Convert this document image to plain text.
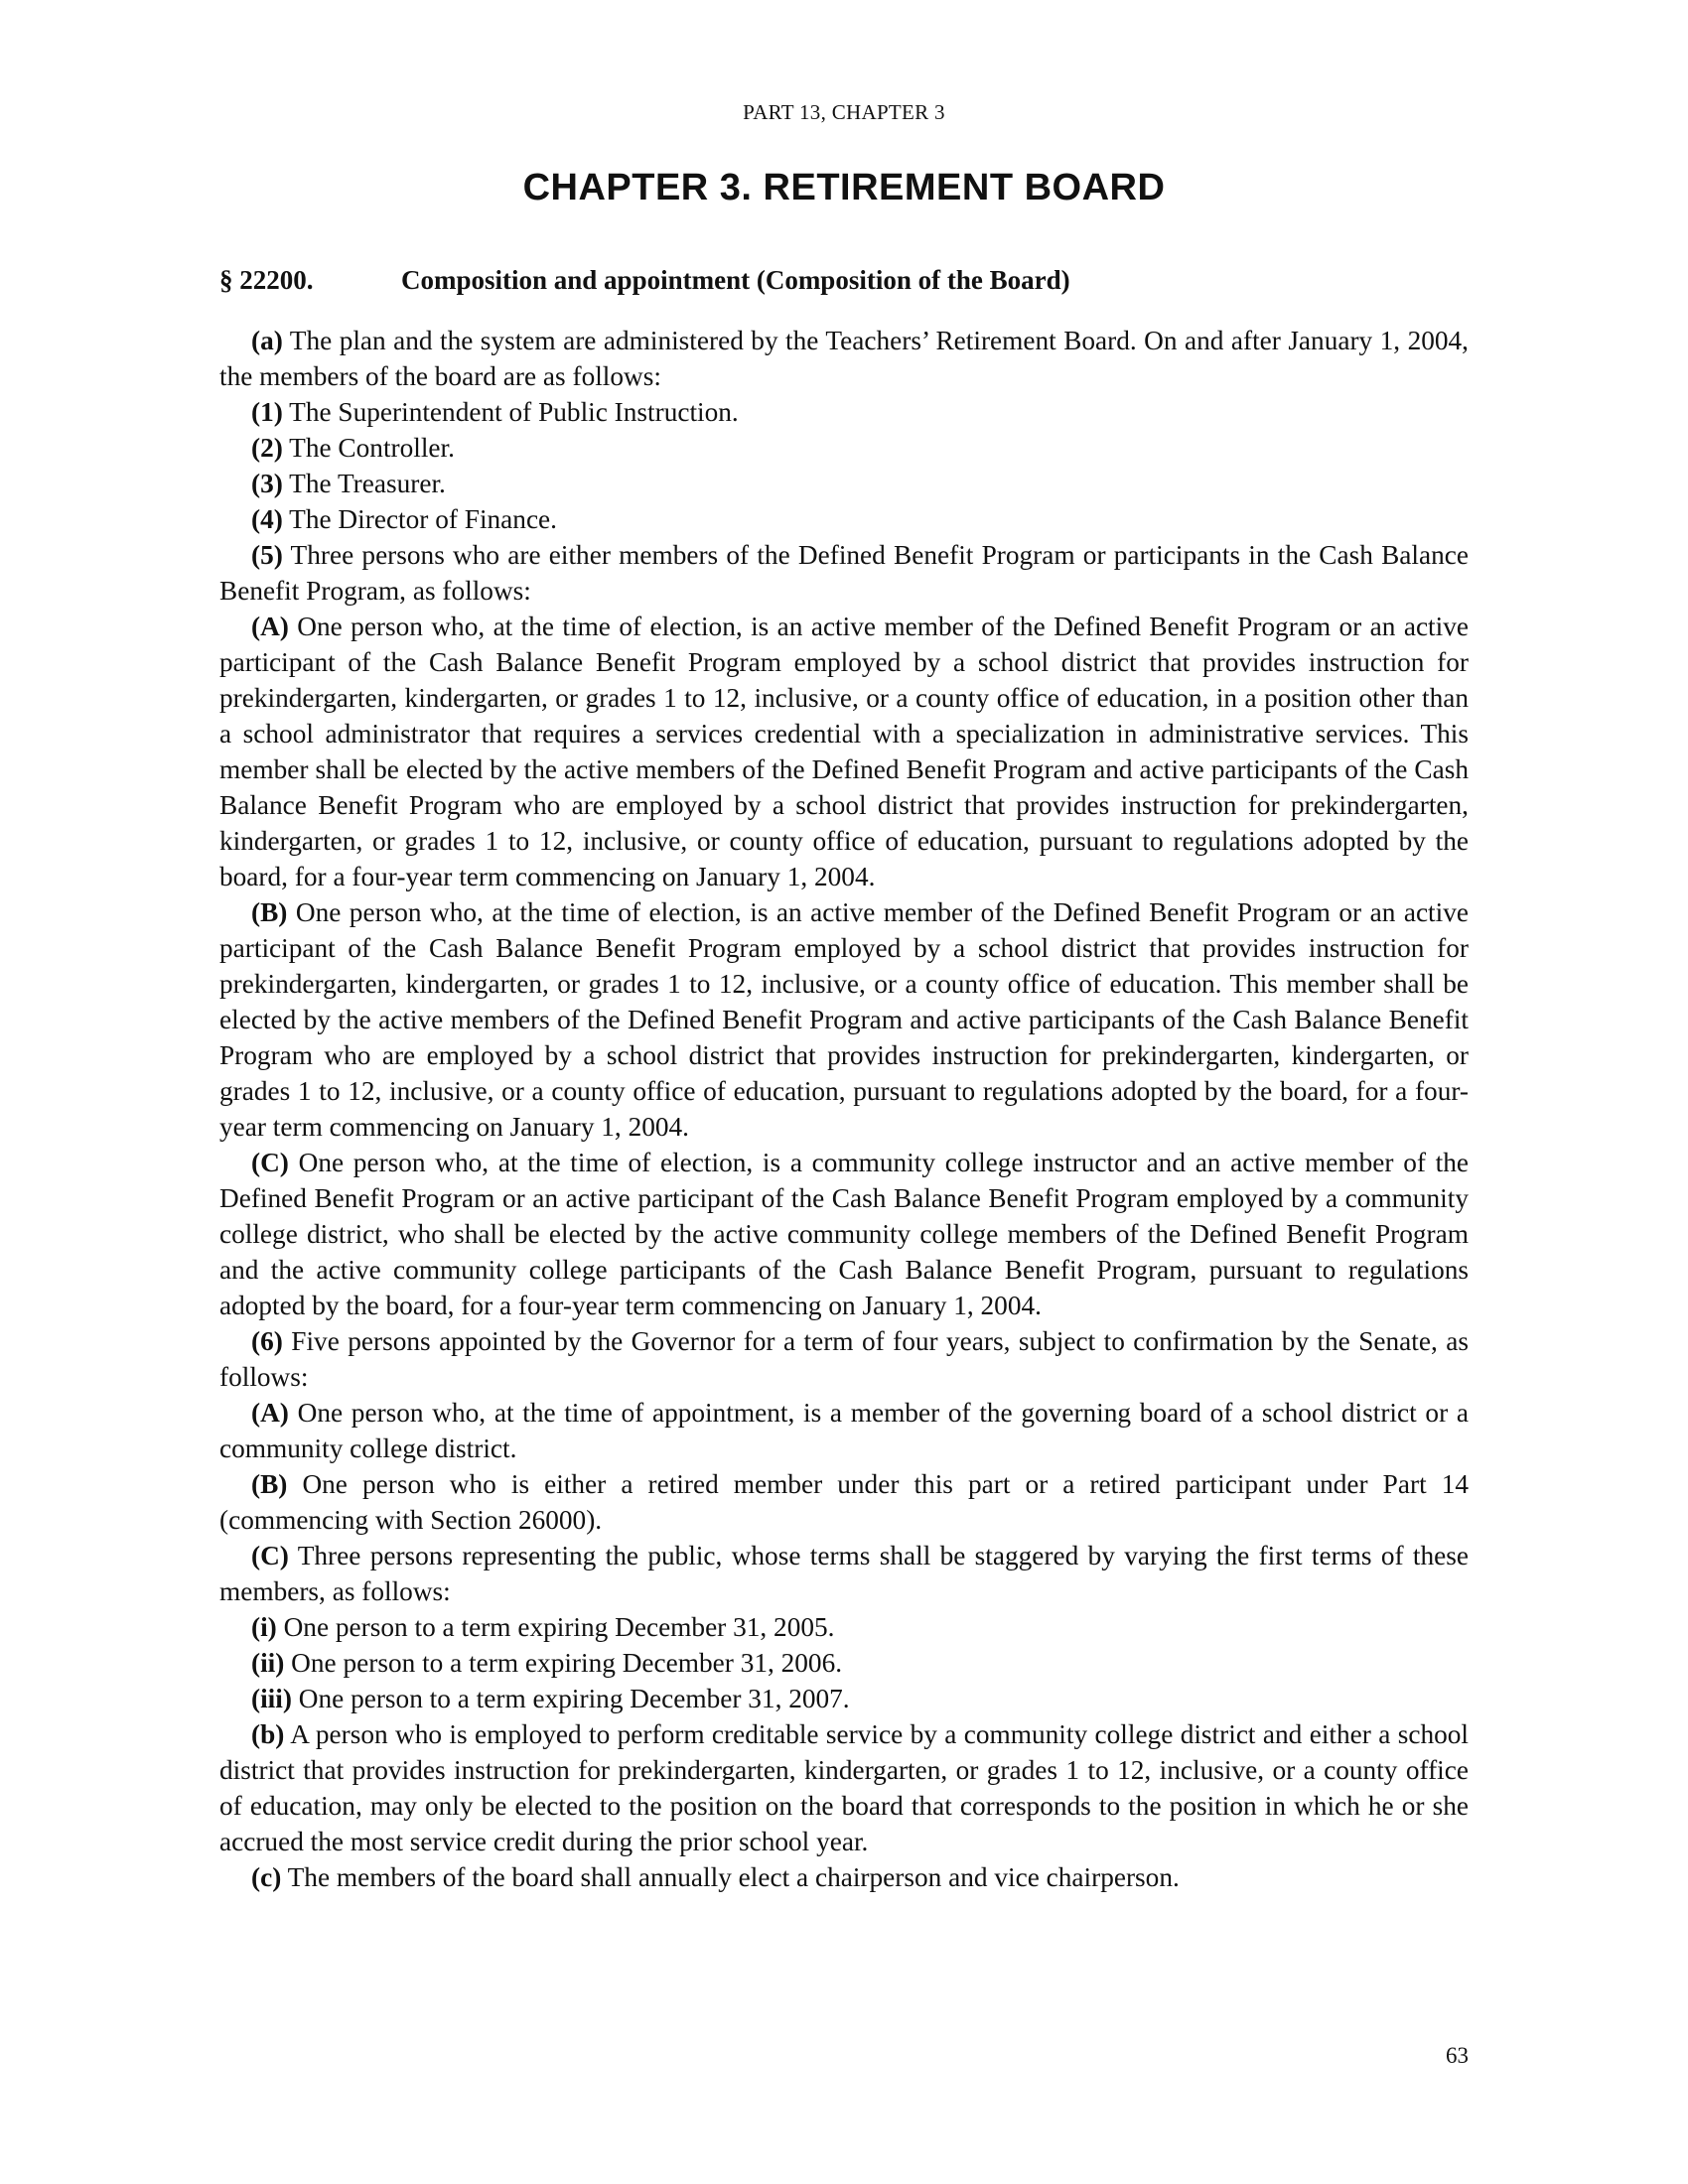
PART 13, CHAPTER 3
CHAPTER 3. RETIREMENT BOARD
§ 22200.	Composition and appointment (Composition of the Board)

(a) The plan and the system are administered by the Teachers’ Retirement Board. On and after January 1, 2004, the members of the board are as follows:

(1) The Superintendent of Public Instruction.

(2) The Controller.

(3) The Treasurer.

(4) The Director of Finance.

(5) Three persons who are either members of the Defined Benefit Program or participants in the Cash Balance Benefit Program, as follows:

(A) One person who, at the time of election, is an active member of the Defined Benefit Program or an active participant of the Cash Balance Benefit Program employed by a school district that provides instruction for prekindergarten, kindergarten, or grades 1 to 12, inclusive, or a county office of education, in a position other than a school administrator that requires a services credential with a specialization in administrative services. This member shall be elected by the active members of the Defined Benefit Program and active participants of the Cash Balance Benefit Program who are employed by a school district that provides instruction for prekindergarten, kindergarten, or grades 1 to 12, inclusive, or county office of education, pursuant to regulations adopted by the board, for a four-year term commencing on January 1, 2004.

(B) One person who, at the time of election, is an active member of the Defined Benefit Program or an active participant of the Cash Balance Benefit Program employed by a school district that provides instruction for prekindergarten, kindergarten, or grades 1 to 12, inclusive, or a county office of education. This member shall be elected by the active members of the Defined Benefit Program and active participants of the Cash Balance Benefit Program who are employed by a school district that provides instruction for prekindergarten, kindergarten, or grades 1 to 12, inclusive, or a county office of education, pursuant to regulations adopted by the board, for a four-year term commencing on January 1, 2004.

(C) One person who, at the time of election, is a community college instructor and an active member of the Defined Benefit Program or an active participant of the Cash Balance Benefit Program employed by a community college district, who shall be elected by the active community college members of the Defined Benefit Program and the active community college participants of the Cash Balance Benefit Program, pursuant to regulations adopted by the board, for a four-year term commencing on January 1, 2004.

(6) Five persons appointed by the Governor for a term of four years, subject to confirmation by the Senate, as follows:

(A) One person who, at the time of appointment, is a member of the governing board of a school district or a community college district.

(B) One person who is either a retired member under this part or a retired participant under Part 14 (commencing with Section 26000).

(C) Three persons representing the public, whose terms shall be staggered by varying the first terms of these members, as follows:

(i) One person to a term expiring December 31, 2005.

(ii) One person to a term expiring December 31, 2006.

(iii) One person to a term expiring December 31, 2007.

(b) A person who is employed to perform creditable service by a community college district and either a school district that provides instruction for prekindergarten, kindergarten, or grades 1 to 12, inclusive, or a county office of education, may only be elected to the position on the board that corresponds to the position in which he or she accrued the most service credit during the prior school year.

(c) The members of the board shall annually elect a chairperson and vice chairperson.

63
